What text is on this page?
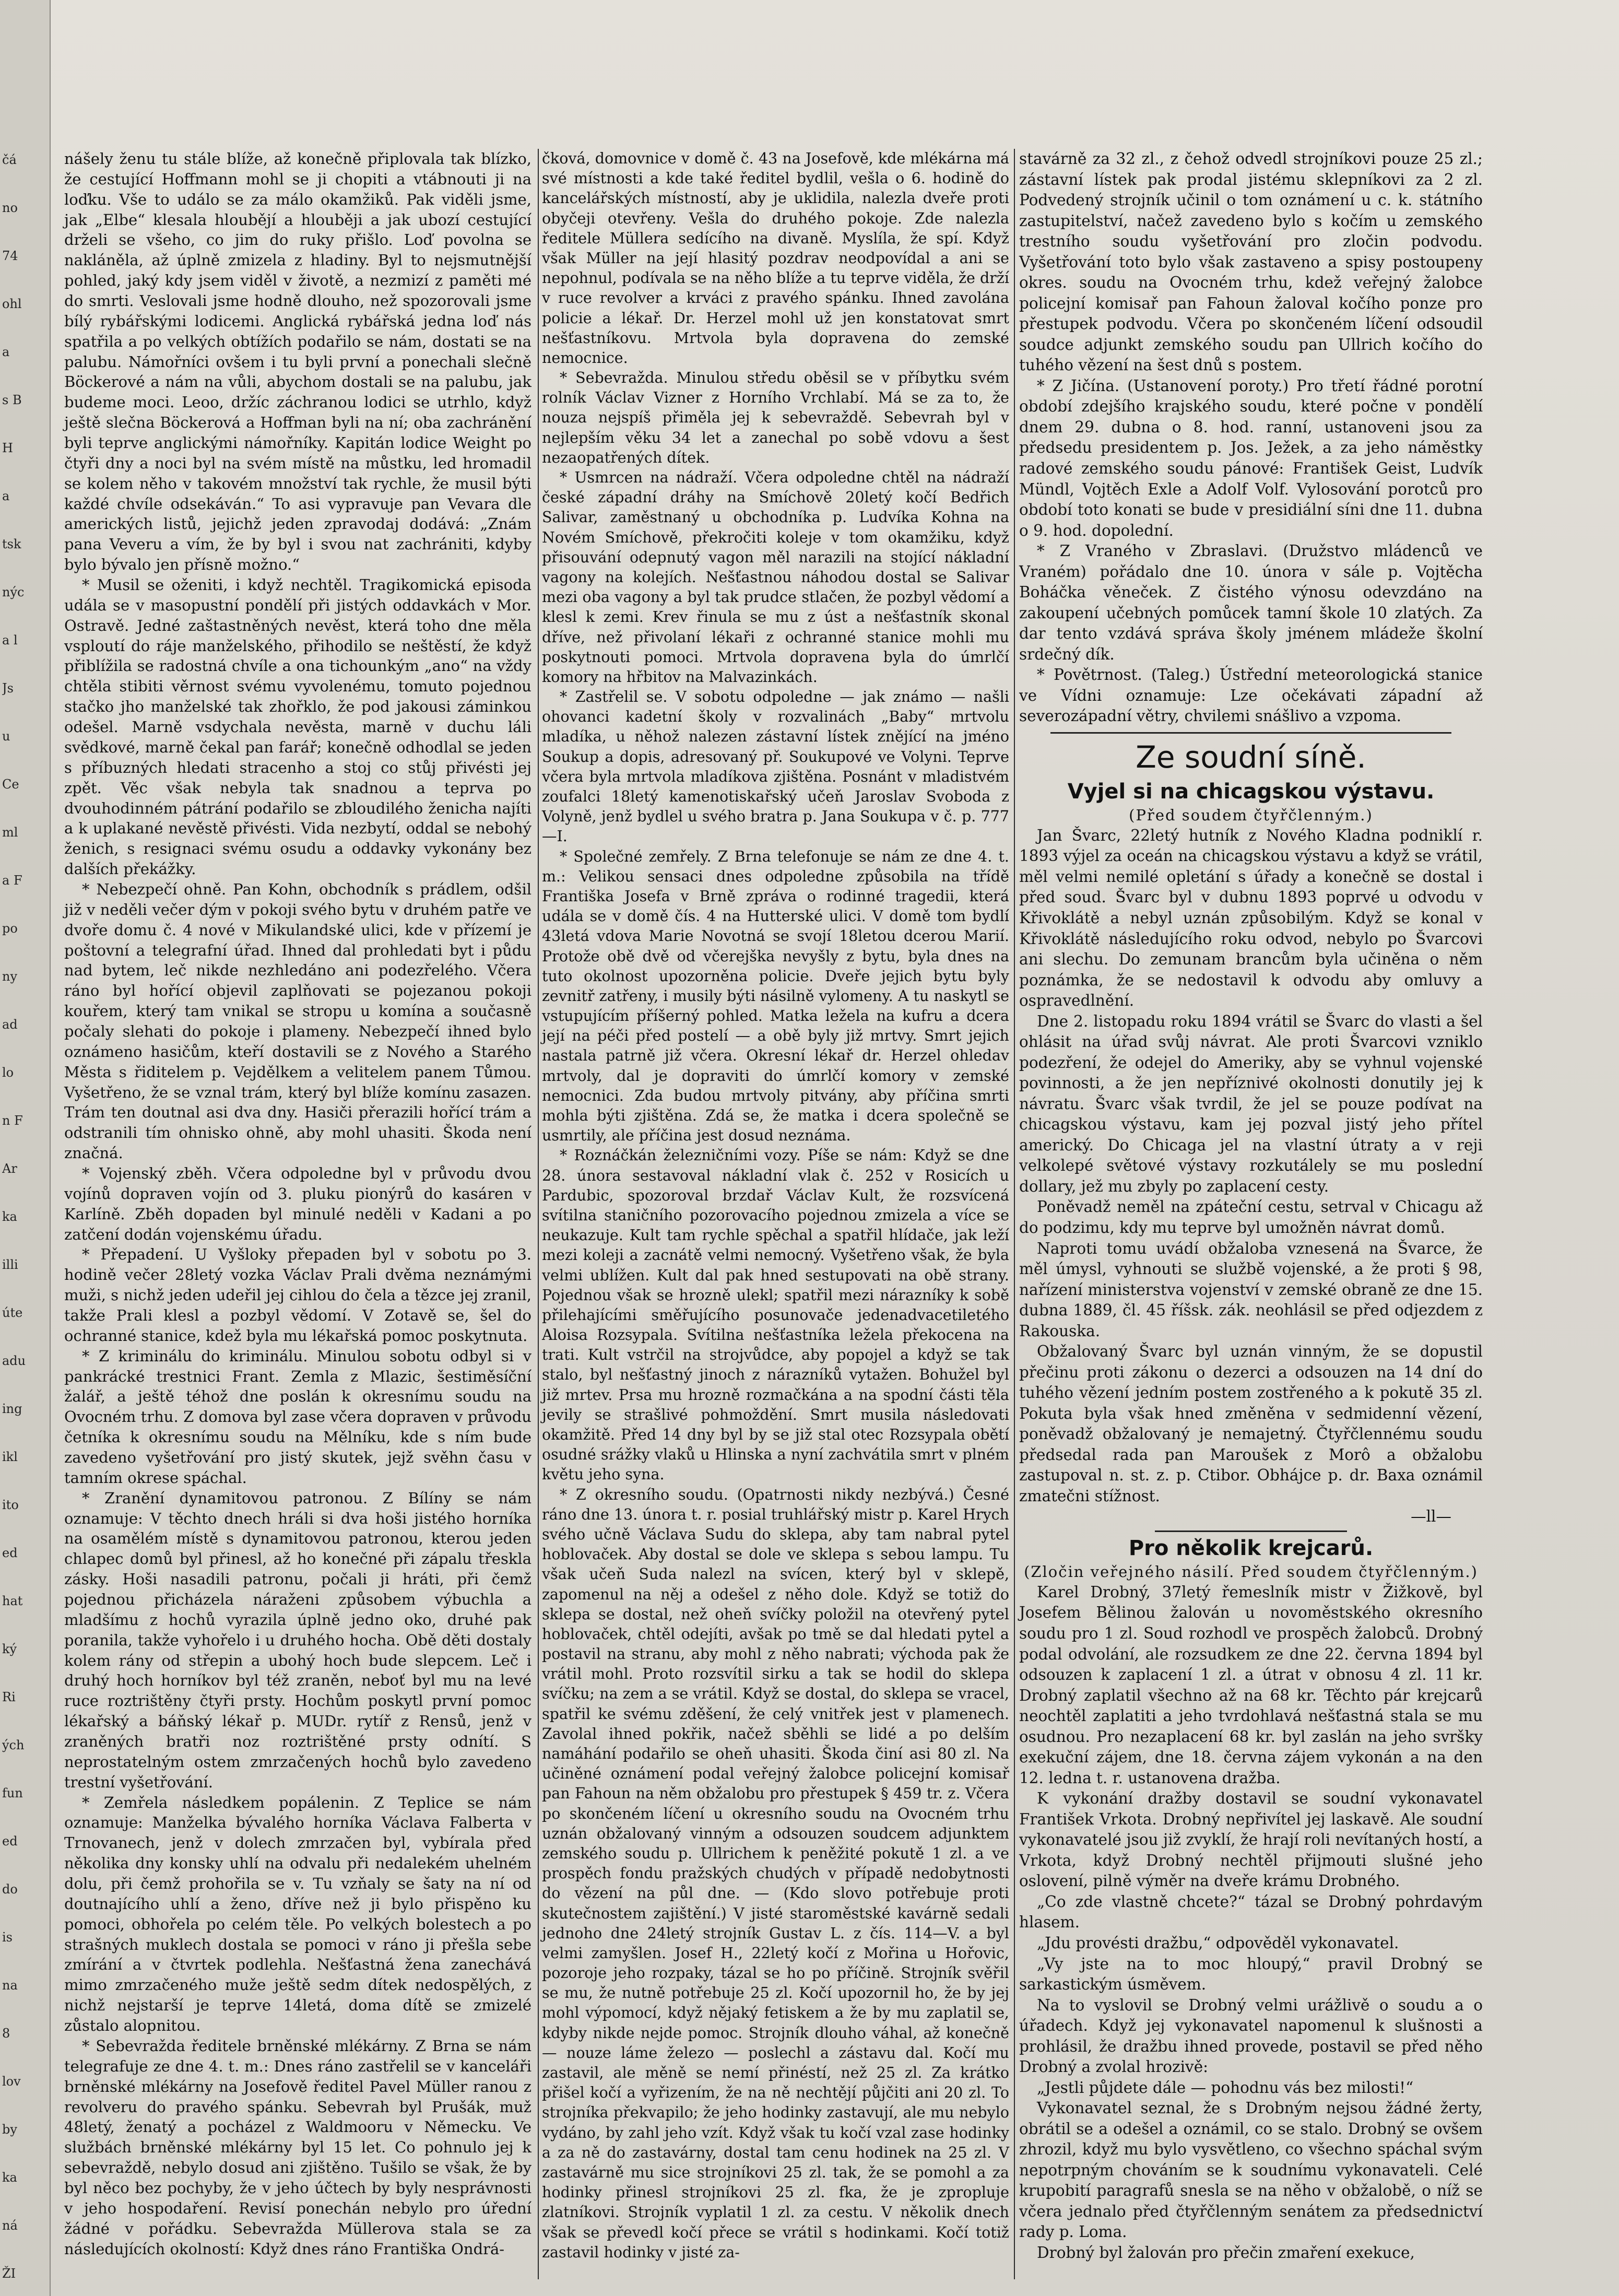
čá
no
74
ohl
a
s B
H
a
tsk
nýc
a l
Js
u
Ce
ml
a F
po
ny
ad
lo
n F
Ar
ka
illi
úte
adu
ing
ikl
ito
ed
hat
ký
Ri
ých
fun
ed
do
is
na
8
lov
by
ka
ná
ŽI

nášely ženu tu stále blíže, až konečně připlovala tak blízko, že cestující Hoffmann mohl se ji chopiti a vtábnouti ji na loďku. Vše to událo se za málo okamžiků. Pak viděli jsme, jak „Elbe“ klesala hloubějí a hlouběji a jak ubozí cestující drželi se všeho, co jim do ruky přišlo. Loď povolna se nakláněla, až úplně zmizela z hladiny. Byl to nejsmutnější pohled, jaký kdy jsem viděl v životě, a nezmizí z paměti mé do smrti. Veslovali jsme hodně dlouho, než spozorovali jsme bílý rybářskými lodicemi. Anglická rybářská jedna loď nás spatřila a po velkých obtížích podařilo se nám, dostati se na palubu. Námořníci ovšem i tu byli první a ponechali slečně Böckerové a nám na vůli, abychom dostali se na palubu, jak budeme moci. Leoo, držíc záchranou lodici se utrhlo, když ještě slečna Böckerová a Hoffman byli na ní; oba zachránění byli teprve anglickými námořníky. Kapitán lodice Weight po čtyři dny a noci byl na svém místě na můstku, led hromadil se kolem něho v takovém množství tak rychle, že musil býti každé chvíle odsekáván.“ To asi vypravuje pan Vevara dle amerických listů, jejichž jeden zpravodaj dodává: „Znám pana Veveru a vím, že by byl i svou nat zachrániti, kdyby bylo bývalo jen přísně možno.“

* Musil se oženiti, i když nechtěl. Tragikomická episoda udála se v masopustní pondělí při jistých oddavkách v Mor. Ostravě. Jedné zaštastněných nevěst, která toho dne měla vsploutí do ráje manželského, přihodilo se neštěstí, že když přiblížila se radostná chvíle a ona tichounkým „ano“ na vždy chtěla stibiti věrnost svému vyvolenému, tomuto pojednou stačko jho manželské tak zhořklo, že pod jakousi záminkou odešel. Marně vsdychala nevěsta, marně v duchu láli svědkové, marně čekal pan farář; konečně odhodlal se jeden s příbuzných hledati stracenho a stoj co stůj přivésti jej zpět. Věc však nebyla tak snadnou a teprva po dvouhodinném pátrání podařilo se zbloudilého ženicha najíti a k uplakané nevěstě přivésti. Vida nezbytí, oddal se nebohý ženich, s resignaci svému osudu a oddavky vykonány bez dalších překážky.

* Nebezpečí ohně. Pan Kohn, obchodník s prádlem, odšil již v neděli večer dým v pokoji svého bytu v druhém patře ve dvoře domu č. 4 nové v Mikulandské ulici, kde v přízemí je poštovní a telegrafní úřad. Ihned dal prohledati byt i půdu nad bytem, leč nikde nezhledáno ani podezřelého. Včera ráno byl hořící objevil zaplňovati se pojezanou pokoji kouřem, který tam vnikal se stropu u komína a současně počaly slehati do pokoje i plameny. Nebezpečí ihned bylo oznámeno hasičům, kteří dostavili se z Nového a Starého Města s řiditelem p. Vejdělkem a velitelem panem Tůmou. Vyšetřeno, že se vznal trám, který byl blíže komínu zasazen. Trám ten doutnal asi dva dny. Hasiči přerazili hořící trám a odstranili tím ohnisko ohně, aby mohl uhasiti. Škoda není značná.

* Vojenský zběh. Včera odpoledne byl v průvodu dvou vojínů dopraven vojín od 3. pluku pionýrů do kasáren v Karlíně. Zběh dopaden byl minulé neděli v Kadani a po zatčení dodán vojenskému úřadu.

* Přepadení. U Vyšloky přepaden byl v sobotu po 3. hodině večer 28letý vozka Václav Prali dvěma neznámými muži, s nichž jeden udeřil jej cihlou do čela a tězce jej zranil, takže Prali klesl a pozbyl vědomí. V Zotavě se, šel do ochranné stanice, kdež byla mu lékařská pomoc poskytnuta.

* Z kriminálu do kriminálu. Minulou sobotu odbyl si v pankrácké trestnici Frant. Zemla z Mlazic, šestiměsíční žalář, a ještě téhož dne poslán k okresnímu soudu na Ovocném trhu. Z domova byl zase včera dopraven v průvodu četníka k okresnímu soudu na Mělníku, kde s ním bude zavedeno vyšetřování pro jistý skutek, jejž svěhn času v tamním okrese spáchal.

* Zranění dynamitovou patronou. Z Bílíny se nám oznamuje: V těchto dnech hráli si dva hoši jistého horníka na osamělém místě s dynamitovou patronou, kterou jeden chlapec domů byl přinesl, až ho konečné při zápalu třeskla zásky. Hoši nasadili patronu, počali ji hráti, při čemž pojednou přicházela náraženi způsobem výbuchla a mladšímu z hochů vyrazila úplně jedno oko, druhé pak poranila, takže vyhořelo i u druhého hocha. Obě děti dostaly kolem rány od střepin a ubohý hoch bude slepcem. Leč i druhý hoch horníkov byl též zraněn, neboť byl mu na levé ruce roztrištěny čtyři prsty. Hochům poskytl první pomoc lékařský a báňský lékař p. MUDr. rytíř z Rensů, jenž v zraněných bratři noz roztrištěné prsty odnítí. S neprostatelným ostem zmrzačených hochů bylo zavedeno trestní vyšetřování.

* Zemřela následkem popálenin. Z Teplice se nám oznamuje: Manželka bývalého horníka Václava Falberta v Trnovanech, jenž v dolech zmrzačen byl, vybírala před několika dny konsky uhlí na odvalu při nedalekém uhelném dolu, při čemž prohořila se v. Tu vzňaly se šaty na ní od doutnajícího uhlí a ženo, dříve než ji bylo přispěno ku pomoci, obhořela po celém těle. Po velkých bolestech a po strašných muklech dostala se pomoci v ráno ji přešla sebe zmírání a v čtvrtek podlehla. Nešťastná žena zanechává mimo zmrzačeného muže ještě sedm dítek nedospělých, z nichž nejstarší je teprve 14letá, doma dítě se zmizelé zůstalo alopnitou.

* Sebevražda ředitele brněnské mlékárny. Z Brna se nám telegrafuje ze dne 4. t. m.: Dnes ráno zastřelil se v kanceláři brněnské mlékárny na Josefově ředitel Pavel Müller ranou z revolveru do pravého spánku. Sebevrah byl Prušák, muž 48letý, ženatý a pocházel z Waldmooru v Německu. Ve službách brněnské mlékárny byl 15 let. Co pohnulo jej k sebevraždě, nebylo dosud ani zjištěno. Tušilo se však, že by byl něco bez pochyby, že v jeho účtech by byly nesprávnosti v jeho hospodaření. Revisí ponechán nebylo pro úřední žádné v pořádku. Sebevražda Müllerova stala se za následujících okolností: Když dnes ráno Františka Ondrá-

čková, domovnice v domě č. 43 na Josefově, kde mlékárna má své místnosti a kde také ředitel bydlil, vešla o 6. hodině do kancelářských místností, aby je uklidila, nalezla dveře proti obyčeji otevřeny. Vešla do druhého pokoje. Zde nalezla ředitele Müllera sedícího na divaně. Myslíla, že spí. Když však Müller na její hlasitý pozdrav neodpovídal a ani se nepohnul, podívala se na něho blíže a tu teprve viděla, že drží v ruce revolver a krváci z pravého spánku. Ihned zavolána policie a lékař. Dr. Herzel mohl už jen konstatovat smrt nešťastníkovu. Mrtvola byla dopravena do zemské nemocnice.

* Sebevražda. Minulou středu oběsil se v příbytku svém rolník Václav Vizner z Horního Vrchlabí. Má se za to, že nouza nejspíš přiměla jej k sebevraždě. Sebevrah byl v nejlepším věku 34 let a zanechal po sobě vdovu a šest nezaopatřených dítek.

* Usmrcen na nádraží. Včera odpoledne chtěl na nádraží české západní dráhy na Smíchově 20letý kočí Bedřich Salivar, zaměstnaný u obchodníka p. Ludvíka Kohna na Novém Smíchově, překročiti koleje v tom okamžiku, když přisouvání odepnutý vagon měl narazili na stojící nákladní vagony na kolejích. Nešťastnou náhodou dostal se Salivar mezi oba vagony a byl tak prudce stlačen, že pozbyl vědomí a klesl k zemi. Krev řinula se mu z úst a nešťastník skonal dříve, než přivolaní lékaři z ochranné stanice mohli mu poskytnouti pomoci. Mrtvola dopravena byla do úmrlčí komory na hřbitov na Malvazinkách.

* Zastřelil se. V sobotu odpoledne — jak známo — našli ohovanci kadetní školy v rozvalinách „Baby“ mrtvolu mladíka, u něhož nalezen zástavní lístek znějící na jméno Soukup a dopis, adresovaný př. Soukupové ve Volyni. Teprve včera byla mrtvola mladíkova zjištěna. Posnánt v mladistvém zoufalci 18letý kamenotiskařský učeň Jaroslav Svoboda z Volyně, jenž bydlel u svého bratra p. Jana Soukupa v č. p. 777—I.

* Společné zemřely. Z Brna telefonuje se nám ze dne 4. t. m.: Velikou sensaci dnes odpoledne způsobila na třídě Františka Josefa v Brně zpráva o rodinné tragedii, která udála se v domě čís. 4 na Hutterské ulici. V domě tom bydlí 43letá vdova Marie Novotná se svojí 18letou dcerou Marií. Protože obě dvě od včerejška nevyšly z bytu, byla dnes na tuto okolnost upozorněna policie. Dveře jejich bytu byly zevnitř zatřeny, i musily býti násilně vylomeny. A tu naskytl se vstupujícím příšerný pohled. Matka ležela na kufru a dcera její na péči před postelí — a obě byly již mrtvy. Smrt jejich nastala patrně již včera. Okresní lékař dr. Herzel ohledav mrtvoly, dal je dopraviti do úmrlčí komory v zemské nemocnici. Zda budou mrtvoly pitvány, aby příčina smrti mohla býti zjištěna. Zdá se, že matka i dcera společně se usmrtily, ale příčina jest dosud neznáma.

* Roznáčkán železničními vozy. Píše se nám: Když se dne 28. února sestavoval nákladní vlak č. 252 v Rosicích u Pardubic, spozoroval brzdař Václav Kult, že rozsvícená svítilna staničního pozorovacího pojednou zmizela a více se neukazuje. Kult tam rychle spěchal a spatřil hlídače, jak leží mezi koleji a zacnátě velmi nemocný. Vyšetřeno však, že byla velmi ublížen. Kult dal pak hned sestupovati na obě strany. Pojednou však se hrozně ulekl; spatřil mezi nárazníky k sobě přilehajícími směřujícího posunovače jedenadvacetiletého Aloisa Rozsypala. Svítilna nešťastníka ležela překocena na trati. Kult vstrčil na strojvůdce, aby popojel a když se tak stalo, byl nešťastný jinoch z nárazníků vytažen. Bohužel byl již mrtev. Prsa mu hrozně rozmačkána a na spodní části těla jevily se strašlivé pohmoždění. Smrt musila následovati okamžitě. Před 14 dny byl by se již stal otec Rozsypala obětí osudné srážky vlaků u Hlinska a nyní zachvátila smrt v plném květu jeho syna.

* Z okresního soudu. (Opatrnosti nikdy nezbývá.) Česné ráno dne 13. února t. r. posial truhlářský mistr p. Karel Hrych svého učně Václava Sudu do sklepa, aby tam nabral pytel hoblovaček. Aby dostal se dole ve sklepa s sebou lampu. Tu však učeň Suda nalezl na svícen, který byl v sklepě, zapomenul na něj a odešel z něho dole. Když se totiž do sklepa se dostal, než oheň svíčky položil na otevřený pytel hoblovaček, chtěl odejíti, avšak po tmě se dal hledati pytel a postavil na stranu, aby mohl z něho nabrati; východa pak že vrátil mohl. Proto rozsvítil sirku a tak se hodil do sklepa svíčku; na zem a se vrátil. Když se dostal, do sklepa se vracel, spatřil ke svému zděšení, že celý vnitřek jest v plamenech. Zavolal ihned pokřik, načež sběhli se lidé a po delším namáhání podařilo se oheň uhasiti. Škoda činí asi 80 zl. Na učiněné oznámení podal veřejný žalobce policejní komisař pan Fahoun na něm obžalobu pro přestupek § 459 tr. z. Včera po skončeném líčení u okresního soudu na Ovocném trhu uznán obžalovaný vinným a odsouzen soudcem adjunktem zemského soudu p. Ullrichem k peněžité pokutě 1 zl. a ve prospěch fondu pražských chudých v případě nedobytnosti do vězení na půl dne. — (Kdo slovo potřebuje proti skutečnostem zajištění.) V jisté staroměstské kavárně sedali jednoho dne 24letý strojník Gustav L. z čís. 114—V. a byl velmi zamyšlen. Josef H., 22letý kočí z Mořina u Hořovic, pozoroje jeho rozpaky, tázal se ho po příčině. Strojník svěřil se mu, že nutně potřebuje 25 zl. Kočí upozornil ho, že by jej mohl výpomocí, když nějaký fetiskem a že by mu zaplatil se, kdyby nikde nejde pomoc. Strojník dlouho váhal, až konečně — nouze láme železo — poslechl a zástavu dal. Kočí mu zastavil, ale měně se nemí přinéstí, než 25 zl. Za krátko přišel kočí a vyřizením, že na ně nechtějí půjčiti ani 20 zl. To strojníka překvapilo; že jeho hodinky zastavují, ale mu nebylo vydáno, by zahl jeho vzít. Když však tu kočí vzal zase hodinky a za ně do zastavárny, dostal tam cenu hodinek na 25 zl. V zastavárně mu sice strojníkovi 25 zl. tak, že se pomohl a za hodinky přinesl strojníkovi 25 zl. fka, že je zpropluje zlatníkovi. Strojník vyplatil 1 zl. za cestu. V několik dnech však se převedl kočí přece se vrátil s hodinkami. Kočí totiž zastavil hodinky v jisté za-

stavárně za 32 zl., z čehož odvedl strojníkovi pouze 25 zl.; zástavní lístek pak prodal jistému sklepníkovi za 2 zl. Podvedený strojník učinil o tom oznámení u c. k. státního zastupitelství, načež zavedeno bylo s kočím u zemského trestního soudu vyšetřování pro zločin podvodu. Vyšetřování toto bylo však zastaveno a spisy postoupeny okres. soudu na Ovocném trhu, kdež veřejný žalobce policejní komisař pan Fahoun žaloval kočího ponze pro přestupek podvodu. Včera po skončeném líčení odsoudil soudce adjunkt zemského soudu pan Ullrich kočího do tuhého vězení na šest dnů s postem.

* Z Jičína. (Ustanovení poroty.) Pro třetí řádné porotní období zdejšího krajského soudu, které počne v pondělí dnem 29. dubna o 8. hod. ranní, ustanoveni jsou za předsedu presidentem p. Jos. Ježek, a za jeho náměstky radové zemského soudu pánové: František Geist, Ludvík Mündl, Vojtěch Exle a Adolf Volf. Vylosování porotců pro období toto konati se bude v presidiální síni dne 11. dubna o 9. hod. dopolední.

* Z Vraného v Zbraslavi. (Družstvo mládenců ve Vraném) pořádalo dne 10. února v sále p. Vojtěcha Boháčka věneček. Z čistého výnosu odevzdáno na zakoupení učebných pomůcek tamní škole 10 zlatých. Za dar tento vzdává správa školy jménem mládeže školní srdečný dík.

* Povětrnost. (Taleg.) Ústřední meteorologická stanice ve Vídni oznamuje: Lze očekávati západní až severozápadní větry, chvilemi snášlivo a vzpoma.

Ze soudní síně.
Vyjel si na chicagskou výstavu.
(Před soudem čtyřčlenným.)

Jan Švarc, 22letý hutník z Nového Kladna podniklí r. 1893 výjel za oceán na chicagskou výstavu a když se vrátil, měl velmi nemilé opletání s úřady a konečně se dostal i před soud. Švarc byl v dubnu 1893 poprvé u odvodu v Křivoklátě a nebyl uznán způsobilým. Když se konal v Křivoklátě následujícího roku odvod, nebylo po Švarcovi ani slechu. Do zemunam brancům byla učiněna o něm poznámka, že se nedostavil k odvodu aby omluvy a ospravedlnění.

Dne 2. listopadu roku 1894 vrátil se Švarc do vlasti a šel ohlásit na úřad svůj návrat. Ale proti Švarcovi vzniklo podezření, že odejel do Ameriky, aby se vyhnul vojenské povinnosti, a že jen nepříznivé okolnosti donutily jej k návratu. Švarc však tvrdil, že jel se pouze podívat na chicagskou výstavu, kam jej pozval jistý jeho přítel americký. Do Chicaga jel na vlastní útraty a v reji velkolepé světové výstavy rozkutálely se mu poslední dollary, jež mu zbyly po zaplacení cesty.

Poněvadž neměl na zpáteční cestu, setrval v Chicagu až do podzimu, kdy mu teprve byl umožněn návrat domů.

Naproti tomu uvádí obžaloba vznesená na Švarce, že měl úmysl, vyhnouti se službě vojenské, a že proti § 98, nařízení ministerstva vojenství v zemské obraně ze dne 15. dubna 1889, čl. 45 říšsk. zák. neohlásil se před odjezdem z Rakouska.

Obžalovaný Švarc byl uznán vinným, že se dopustil přečinu proti zákonu o dezerci a odsouzen na 14 dní do tuhého vězení jedním postem zostřeného a k pokutě 35 zl. Pokuta byla však hned změněna v sedmidenní vězení, poněvadž obžalovaný je nemajetný. Čtyřčlennému soudu předsedal rada pan Maroušek z Morô a obžalobu zastupoval n. st. z. p. Ctibor. Obhájce p. dr. Baxa oznámil zmatečni stížnost.

—ll—
Pro několik krejcarů.
(Zločin veřejného násilí. Před soudem čtyřčlenným.)

Karel Drobný, 37letý řemeslník mistr v Žižkově, byl Josefem Bělinou žalován u novoměstského okresního soudu pro 1 zl. Soud rozhodl ve prospěch žalobců. Drobný podal odvolání, ale rozsudkem ze dne 22. června 1894 byl odsouzen k zaplacení 1 zl. a útrat v obnosu 4 zl. 11 kr. Drobný zaplatil všechno až na 68 kr. Těchto pár krejcarů neochtěl zaplatiti a jeho tvrdohlavá nešťastná stala se mu osudnou. Pro nezaplacení 68 kr. byl zaslán na jeho svršky exekuční zájem, dne 18. června zájem vykonán a na den 12. ledna t. r. ustanovena dražba.

K vykonání dražby dostavil se soudní vykonavatel František Vrkota. Drobný nepřivítel jej laskavě. Ale soudní vykonavatelé jsou již zvyklí, že hrají roli nevítaných hostí, a Vrkota, když Drobný nechtěl přijmouti slušné jeho oslovení, pilně výměr na dveře krámu Drobného.

„Co zde vlastně chcete?“ tázal se Drobný pohrdavým hlasem.

„Jdu provésti dražbu,“ odpověděl vykonavatel.

„Vy jste na to moc hloupý,“ pravil Drobný se sarkastickým úsměvem.

Na to vyslovil se Drobný velmi urážlivě o soudu a o úřadech. Když jej vykonavatel napomenul k slušnosti a prohlásil, že dražbu ihned provede, postavil se před něho Drobný a zvolal hrozivě:

„Jestli půjdete dále — pohodnu vás bez milosti!“

Vykonavatel seznal, že s Drobným nejsou žádné žerty, obrátil se a odešel a oznámil, co se stalo. Drobný se ovšem zhrozil, když mu bylo vysvětleno, co všechno spáchal svým nepotrpným chováním se k soudnímu vykonavateli. Celé krupobití paragrafů snesla se na něho v obžalobě, o níž se včera jednalo před čtyřčlenným senátem za předsednictví rady p. Loma.

Drobný byl žalován pro přečin zmaření exekuce,
